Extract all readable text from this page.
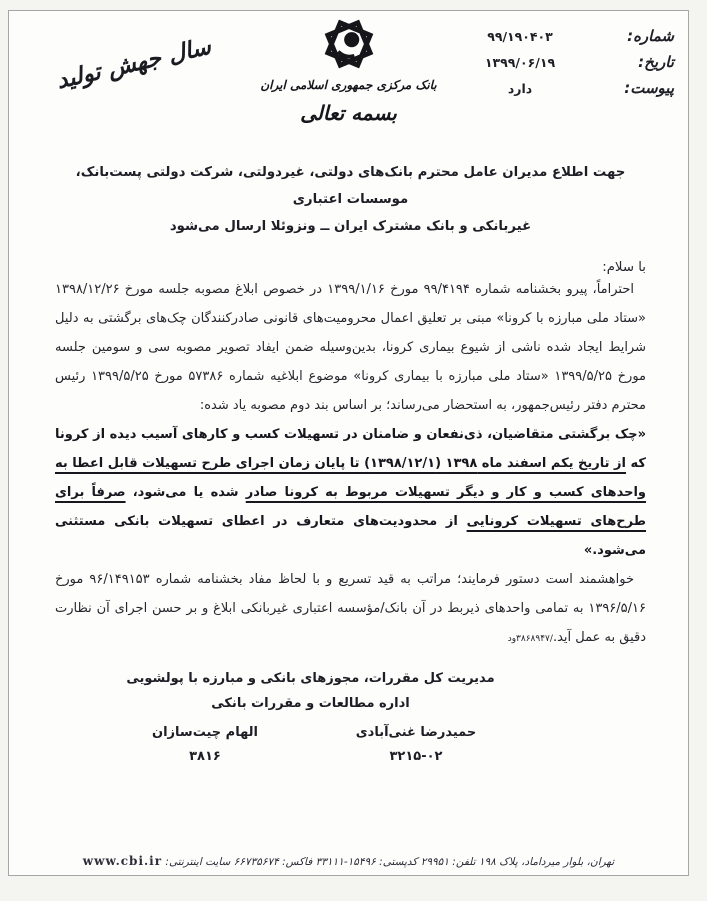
سال جهش تولید	بانک مرکزی جمهوری اسلامی ایران
بسمه تعالی
شماره:
۹۹/۱۹۰۴۰۳
تاریخ:
۱۳۹۹/۰۶/۱۹
پیوست:
دارد
جهت اطلاع مدیران عامل محترم بانک‌های دولتی، غیردولتی، شرکت دولتی پست‌بانک، موسسات اعتباری
غیربانکی و بانک مشترک ایران ــ ونزوئلا ارسال می‌شود
با سلام:

احتراماً، پیرو بخشنامه شماره ۹۹/۴۱۹۴ مورخ ۱۳۹۹/۱/۱۶ در خصوص ابلاغ مصوبه جلسه مورخ ۱۳۹۸/۱۲/۲۶ «ستاد ملی مبارزه با کرونا» مبنی بر تعلیق اعمال محرومیت‌های قانونی صادرکنندگان چک‌های برگشتی به دلیل شرایط ایجاد شده ناشی از شیوع بیماری کرونا، بدین‌وسیله ضمن ایفاد تصویر مصوبه سی و سومین جلسه مورخ ۱۳۹۹/۵/۲۵ «ستاد ملی مبارزه با بیماری کرونا» موضوع ابلاغیه شماره ۵۷۳۸۶ مورخ ۱۳۹۹/۵/۲۵ رئیس محترم دفتر رئیس‌جمهور، به استحضار می‌رساند؛ بر اساس بند دوم مصوبه یاد شده:

«چک برگشتی متقاضیان، ذی‌نفعان و ضامنان در تسهیلات کسب و کارهای آسیب دیده از کرونا که از تاریخ یکم اسفند ماه ۱۳۹۸ (۱۳۹۸/۱۲/۱) تا پایان زمان اجرای طرح تسهیلات قابل اعطا به واحدهای کسب و کار و دیگر تسهیلات مربوط به کرونا صادر شده یا می‌شود، صرفاً برای طرح‌های تسهیلات کرونایی از محدودیت‌های متعارف در اعطای تسهیلات بانکی مستثنی می‌شود.»

خواهشمند است دستور فرمایند؛ مراتب به قید تسریع و با لحاظ مفاد بخشنامه شماره ۹۶/۱۴۹۱۵۳ مورخ ۱۳۹۶/۵/۱۶ به تمامی واحدهای ذیربط در آن بانک/مؤسسه اعتباری غیربانکی ابلاغ و بر حسن اجرای آن نظارت دقیق به عمل آید./۳۸۶۸۹۴۷ود

مدیریت کل مقررات، مجوزهای بانکی و مبارزه با پولشویی
اداره مطالعات و مقررات بانکی
حمیدرضا غنی‌آبادی
الهام چیت‌سازان
۳۲۱۵-۰۲
۳۸۱۶
تهران، بلوار میرداماد، پلاک ۱۹۸ تلفن: ۲۹۹۵۱ کدپستی: ۱۵۴۹۶-۳۳۱۱۱ فاکس: ۶۶۷۳۵۶۷۴ سایت اینترنتی: www.cbi.ir
